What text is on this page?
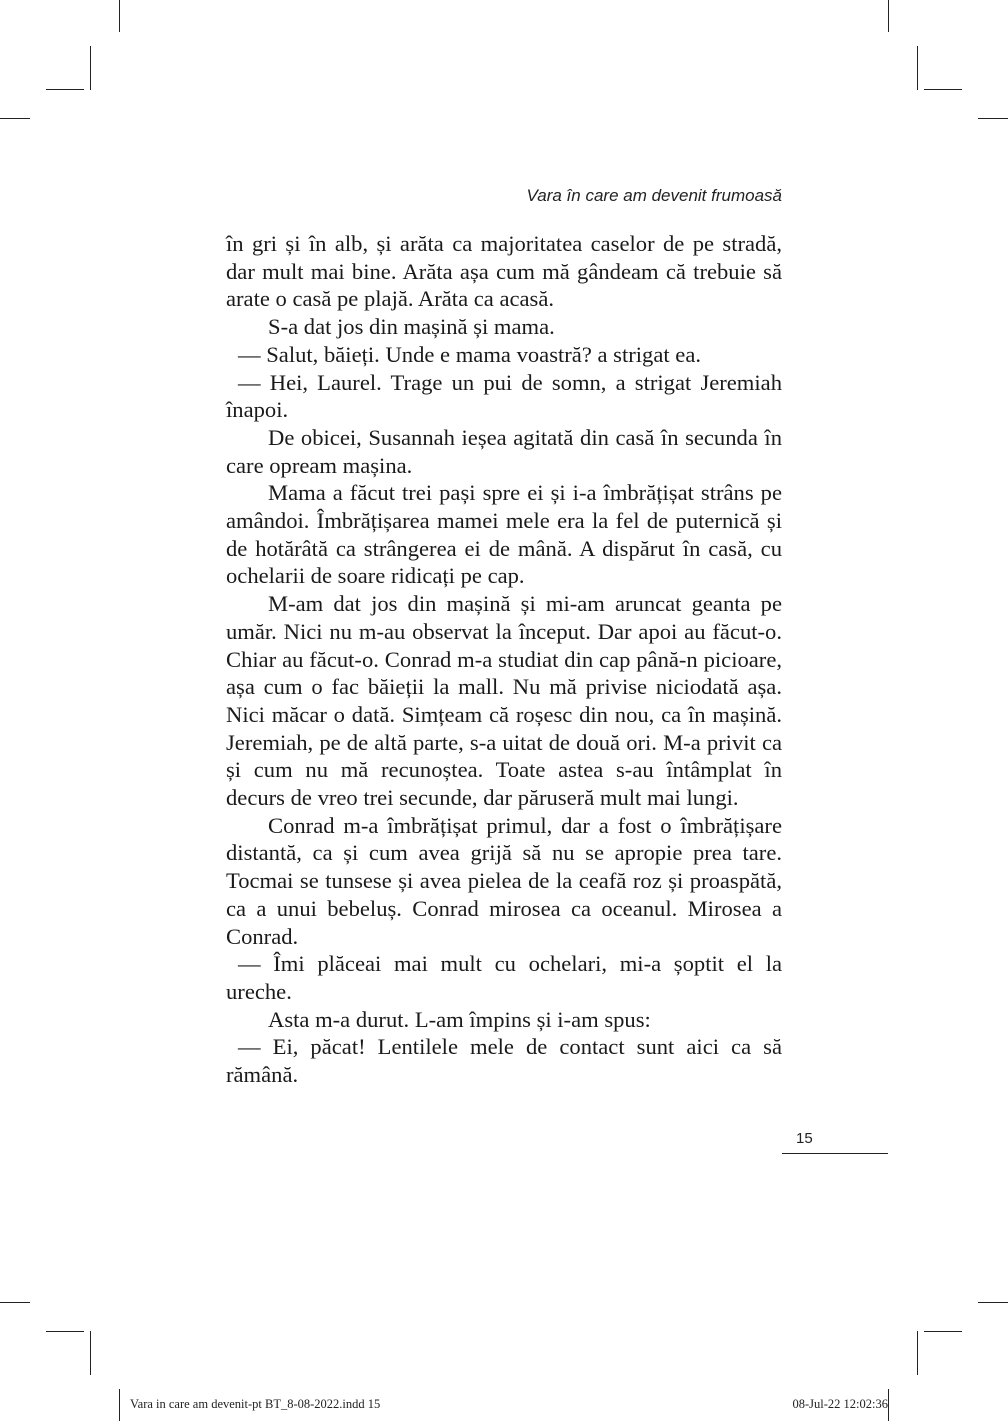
Vara în care am devenit frumoasă

în gri și în alb, și arăta ca majoritatea caselor de pe stradă, dar mult mai bine. Arăta așa cum mă gândeam că trebuie să arate o casă pe plajă. Arăta ca acasă.

S-a dat jos din mașină și mama.

— Salut, băieți. Unde e mama voastră? a strigat ea.

— Hei, Laurel. Trage un pui de somn, a strigat Jeremiah înapoi.

De obicei, Susannah ieșea agitată din casă în secunda în care opream mașina.

Mama a făcut trei pași spre ei și i-a îmbrățișat strâns pe amândoi. Îmbrățișarea mamei mele era la fel de puternică și de hotărâtă ca strângerea ei de mână. A dispărut în casă, cu ochelarii de soare ridicați pe cap.

M-am dat jos din mașină și mi-am aruncat geanta pe umăr. Nici nu m-au observat la început. Dar apoi au făcut-o. Chiar au făcut-o. Conrad m-a studiat din cap până-n picioare, așa cum o fac băieții la mall. Nu mă privise niciodată așa. Nici măcar o dată. Simțeam că roșesc din nou, ca în mașină. Jeremiah, pe de altă parte, s-a uitat de două ori. M-a privit ca și cum nu mă recunoștea. Toate astea s-au întâmplat în decurs de vreo trei secunde, dar păruseră mult mai lungi.

Conrad m-a îmbrățișat primul, dar a fost o îmbrățișare distantă, ca și cum avea grijă să nu se apropie prea tare. Tocmai se tunsese și avea pielea de la ceafă roz și proaspătă, ca a unui bebeluș. Conrad mirosea ca oceanul. Mirosea a Conrad.

— Îmi plăceai mai mult cu ochelari, mi-a șoptit el la ureche.

Asta m-a durut. L-am împins și i-am spus:

— Ei, păcat! Lentilele mele de contact sunt aici ca să rămână.

15
Vara in care am devenit-pt BT_8-08-2022.indd 15	08-Jul-22 12:02:36
